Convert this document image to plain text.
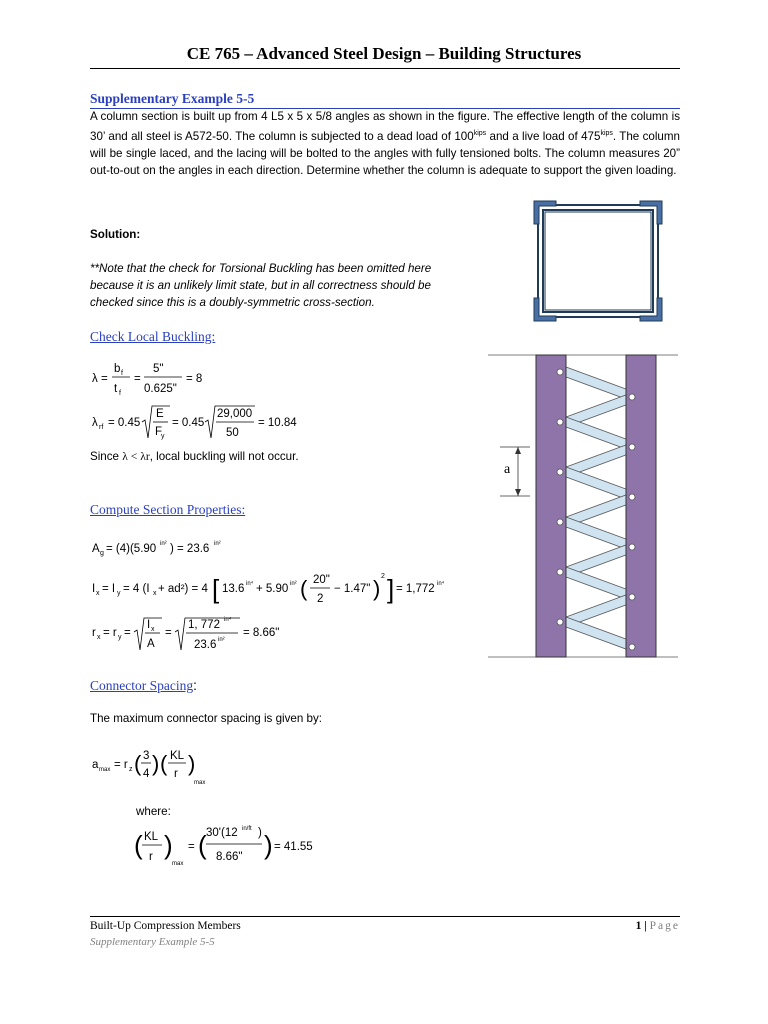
CE 765 – Advanced Steel Design – Building Structures
Supplementary Example 5-5
A column section is built up from 4 L5 x 5 x 5/8 angles as shown in the figure. The effective length of the column is 30’ and all steel is A572-50. The column is subjected to a dead load of $100^{kips}$ and a live load of $475^{kips}$. The column will be single laced, and the lacing will be bolted to the angles with fully tensioned bolts. The column measures 20” out-to-out on the angles in each direction. Determine whether the column is adequate to support the given loading.
Solution:
**Note that the check for Torsional Buckling has been omitted here because it is an unlikely limit state, but in all correctness should be checked since this is a doubly-symmetric cross-section.
a
Check Local Buckling:
λ =
b f
t f
=
5"
0.625"
= 8
λ rf = 0.45
E
F
y
= 0.45
29,000
50
= 10.84
Since λ < λr, local buckling will not occur.
Compute Section Properties:
A g = (4)(5.90 in² ) = 23.6 in²
I x = I y = 4 (I x + ad²) = 4 [ 13.6 in⁴ + 5.90 in² ( 20"
2
− 1.47" ) 2 ] = 1,772 in⁴
r x = r y =
I x
A
=
1, 772 in⁴
23.6 in²
= 8.66"
Connector Spacing:
The maximum connector spacing is given by:
a max = r z ( 3
4 ) ( KL
r )
max
where:
( KL
r )
max
= ( 30'(12 in/ft )
8.66" ) = 41.55
Built-Up Compression Members
Supplementary Example 5-5
1 | Page
